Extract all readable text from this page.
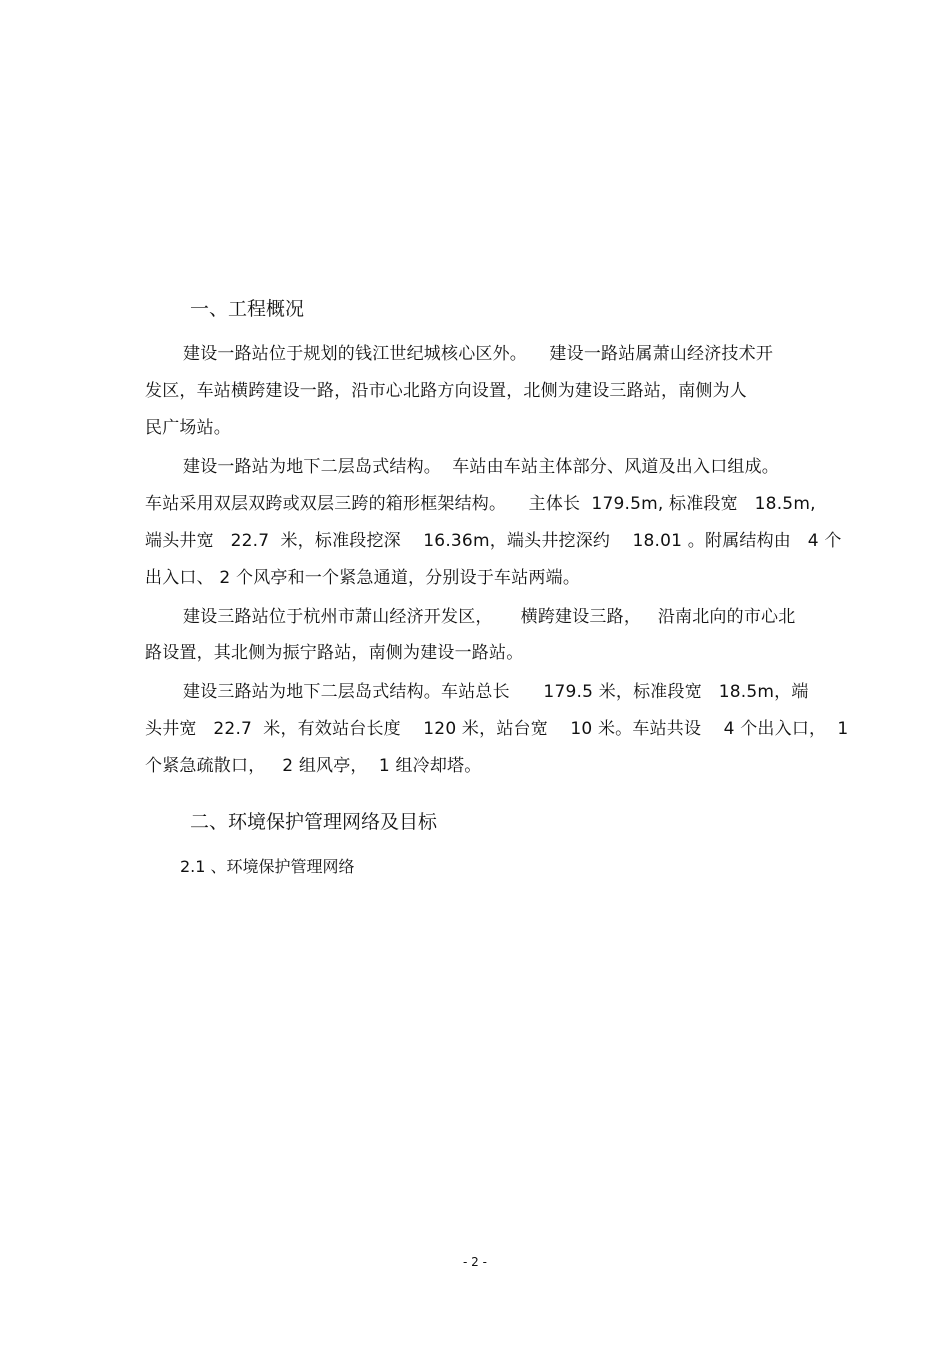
一、工程概况
建设一路站位于规划的钱江世纪城核心区外。    建设一路站属萧山经济技术开
发区，车站横跨建设一路，沿市心北路方向设置，北侧为建设三路站，南侧为人
民广场站。
建设一路站为地下二层岛式结构。  车站由车站主体部分、风道及出入口组成。
车站采用双层双跨或双层三跨的箱形框架结构。    主体长  179.5m, 标准段宽   18.5m,
端头井宽   22.7  米，标准段挖深    16.36m，端头井挖深约    18.01 。附属结构由   4 个
出入口、 2 个风亭和一个紧急通道，分别设于车站两端。
建设三路站位于杭州市萧山经济开发区，     横跨建设三路，   沿南北向的市心北
路设置，其北侧为振宁路站，南侧为建设一路站。
建设三路站为地下二层岛式结构。车站总长      179.5 米，标准段宽   18.5m，端
头井宽   22.7  米，有效站台长度    120 米，站台宽    10 米。车站共设    4 个出入口，  1
个紧急疏散口，   2 组风亭，  1 组冷却塔。
二、环境保护管理网络及目标
2.1 、环境保护管理网络
- 2 -
